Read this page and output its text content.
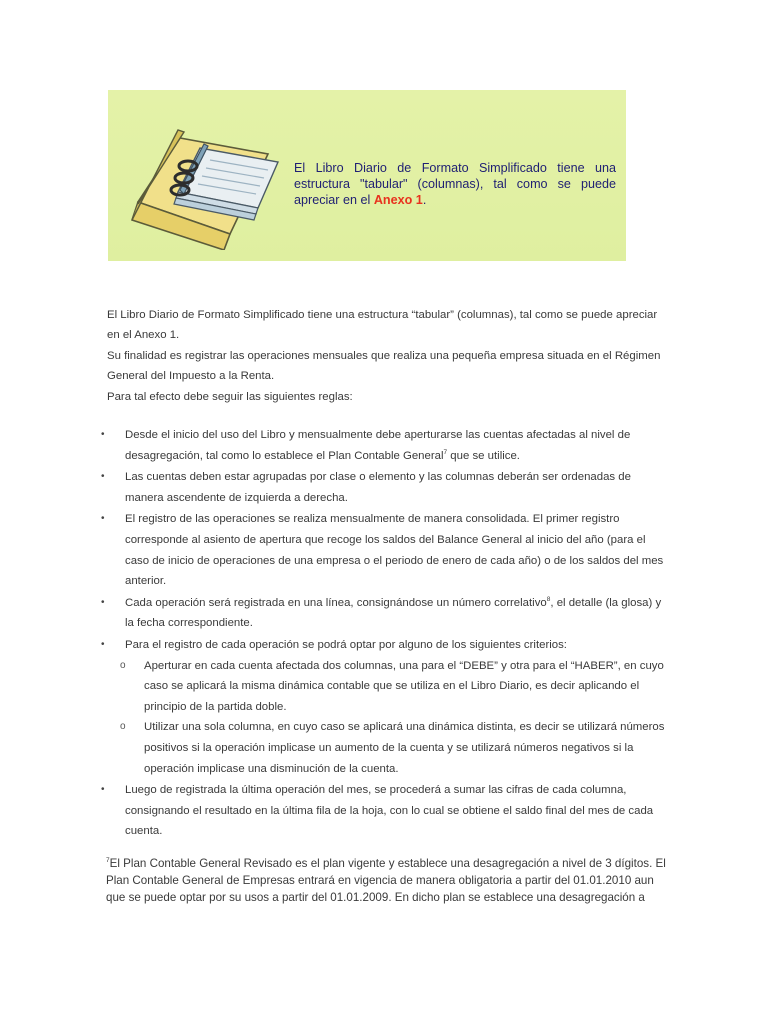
El Libro Diario de Formato Simplificado tiene una estructura "tabular" (columnas), tal como se puede apreciar en el Anexo 1.

El Libro Diario de Formato Simplificado tiene una estructura “tabular” (columnas), tal como se puede apreciar en el Anexo 1.

Su finalidad es registrar las operaciones mensuales que realiza una pequeña empresa situada en el Régimen General del Impuesto a la Renta.

Para tal efecto debe seguir las siguientes reglas:

• Desde el inicio del uso del Libro y mensualmente debe aperturarse las cuentas afectadas al nivel de desagregación, tal como lo establece el Plan Contable General$^7$ que se utilice.
• Las cuentas deben estar agrupadas por clase o elemento y las columnas deberán ser ordenadas de manera ascendente de izquierda a derecha.
• El registro de las operaciones se realiza mensualmente de manera consolidada. El primer registro corresponde al asiento de apertura que recoge los saldos del Balance General al inicio del año (para el caso de inicio de operaciones de una empresa o el periodo de enero de cada año) o de los saldos del mes anterior.
• Cada operación será registrada en una línea, consignándose un número correlativo$^8$, el detalle (la glosa) y la fecha correspondiente.
• Para el registro de cada operación se podrá optar por alguno de los siguientes criterios:
o Aperturar en cada cuenta afectada dos columnas, una para el “DEBE” y otra para el “HABER”, en cuyo caso se aplicará la misma dinámica contable que se utiliza en el Libro Diario, es decir aplicando el principio de la partida doble.
o Utilizar una sola columna, en cuyo caso se aplicará una dinámica distinta, es decir se utilizará números positivos si la operación implicase un aumento de la cuenta y se utilizará números negativos si la operación implicase una disminución de la cuenta.
• Luego de registrada la última operación del mes, se procederá a sumar las cifras de cada columna, consignando el resultado en la última fila de la hoja, con lo cual se obtiene el saldo final del mes de cada cuenta.
$^7$El Plan Contable General Revisado es el plan vigente y establece una desagregación a nivel de 3 dígitos. El Plan Contable General de Empresas entrará en vigencia de manera obligatoria a partir del 01.01.2010 aun que se puede optar por su usos a partir del 01.01.2009. En dicho plan se establece una desagregación a
